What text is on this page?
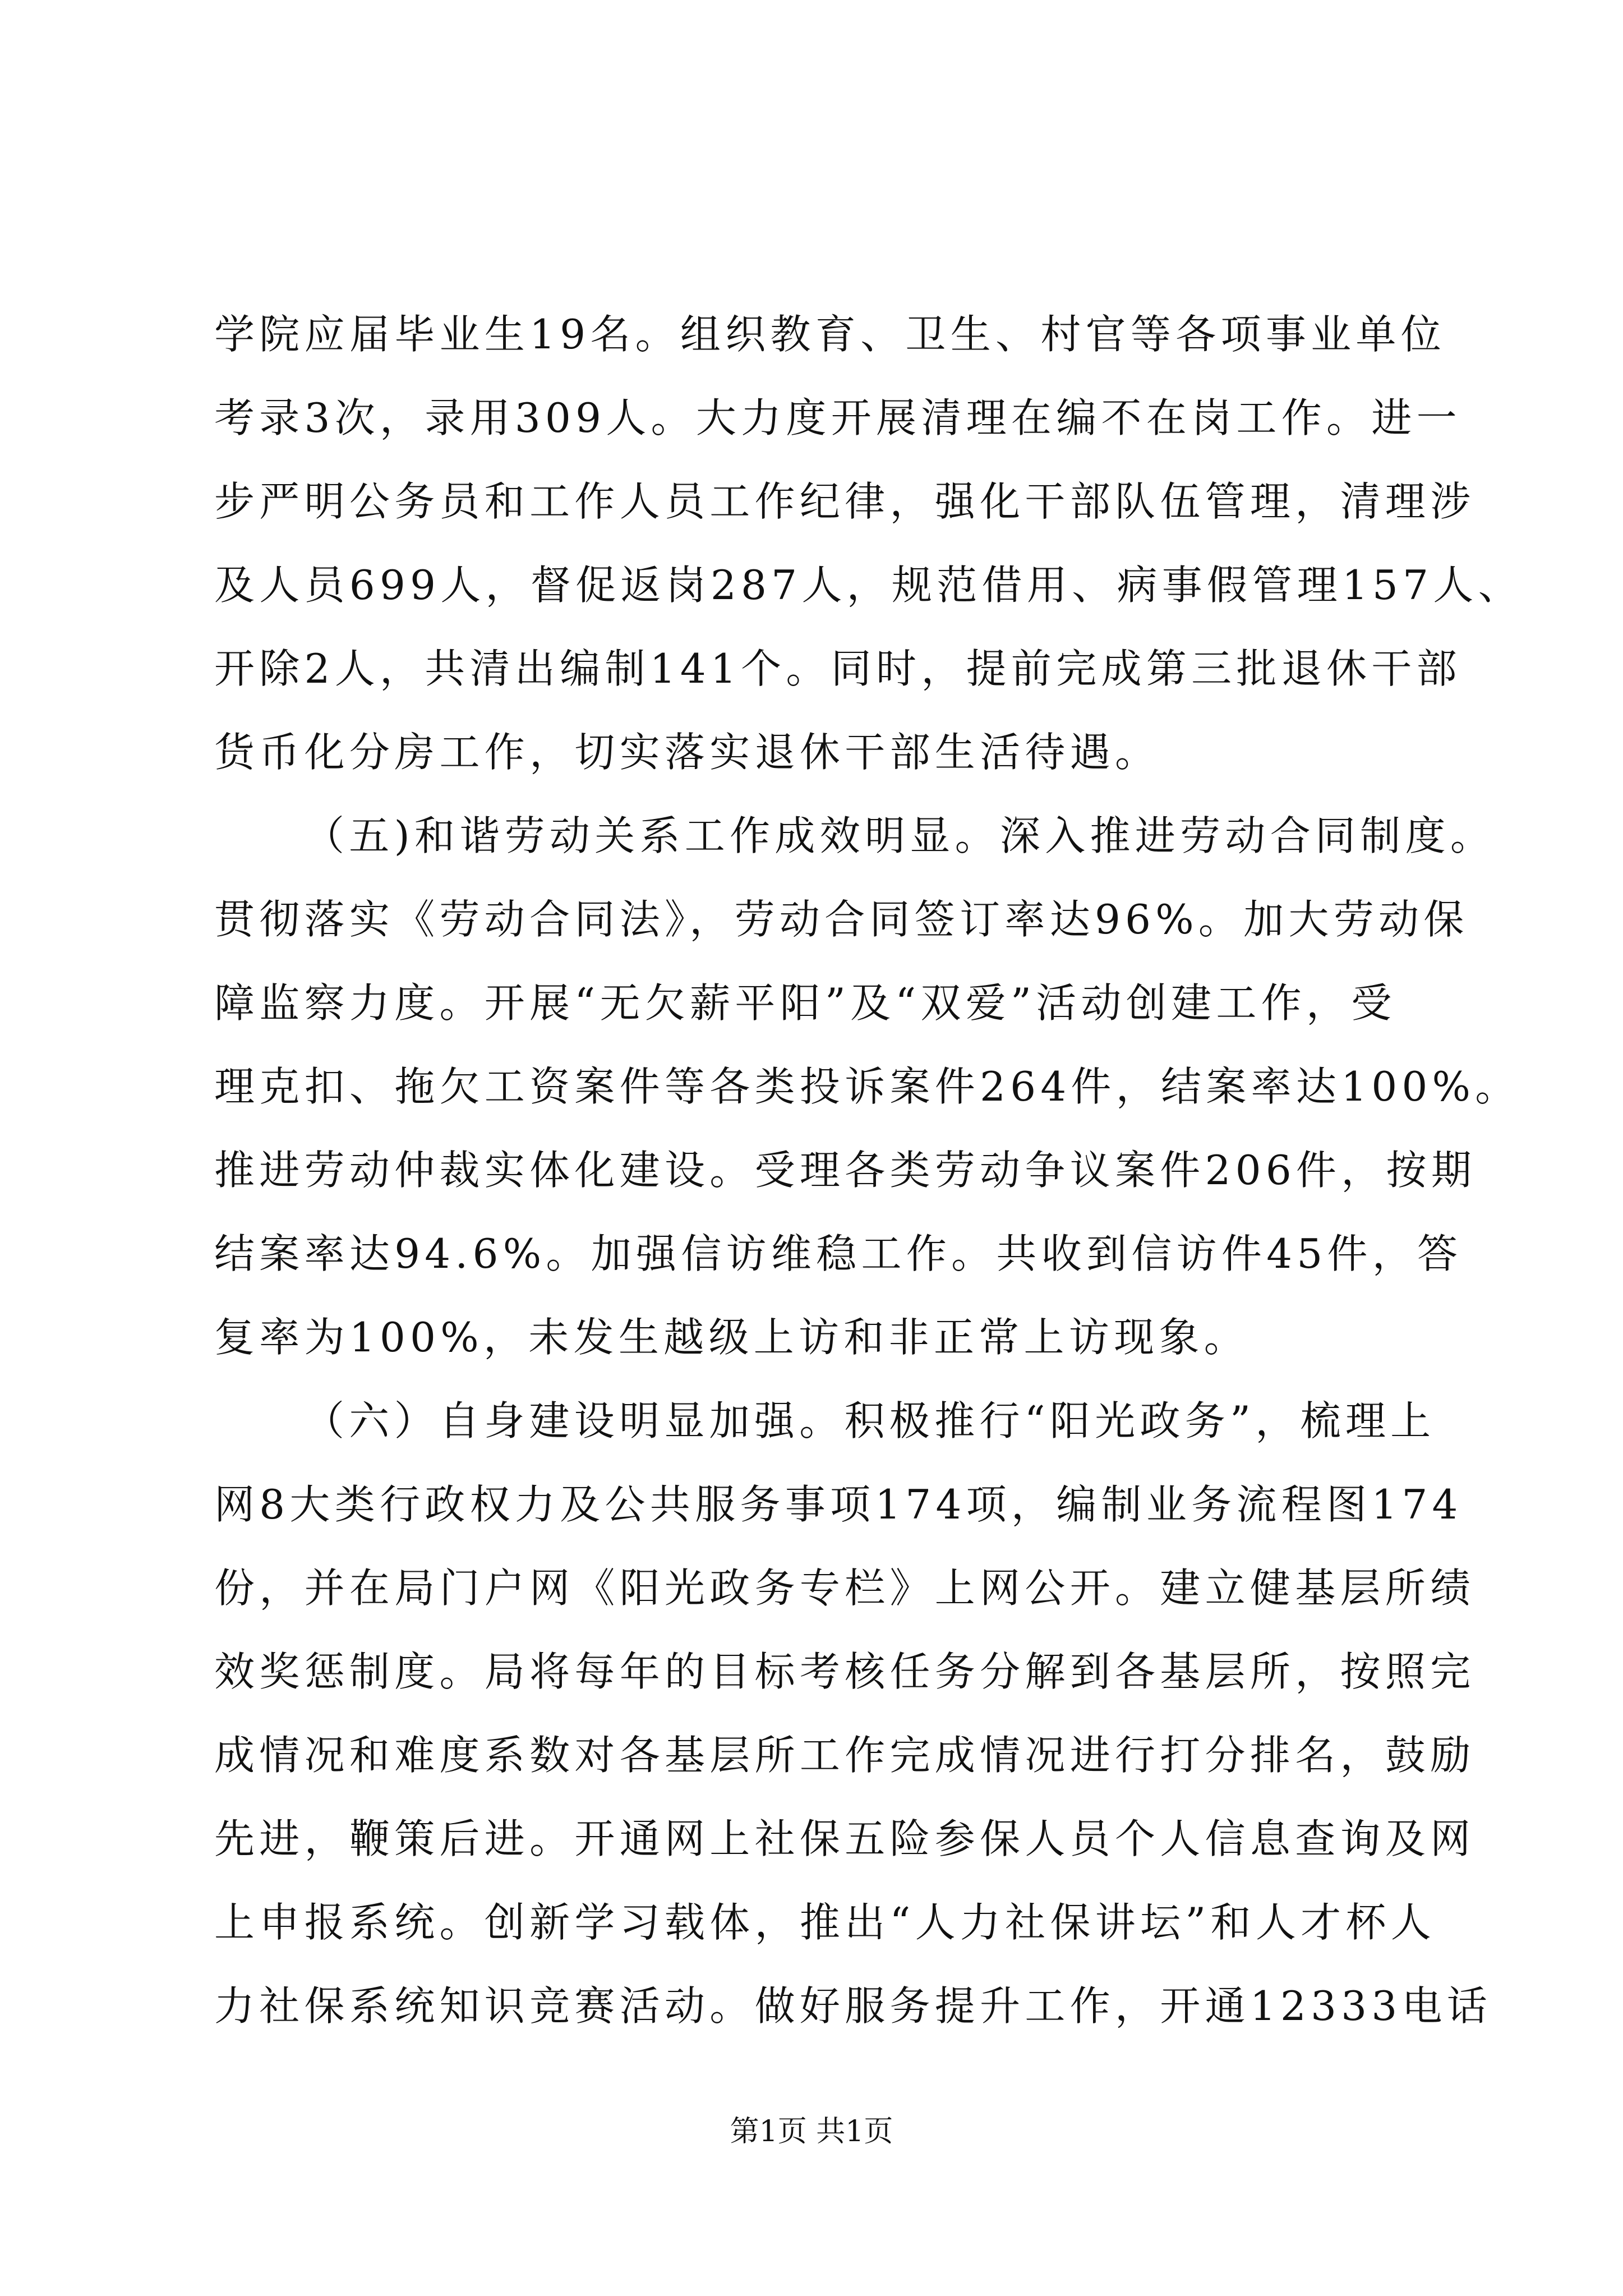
学院应届毕业生19名。组织教育、卫生、村官等各项事业单位
考录3次，录用309人。大力度开展清理在编不在岗工作。进一
步严明公务员和工作人员工作纪律，强化干部队伍管理，清理涉
及人员699人，督促返岗287人，规范借用、病事假管理157人、
开除2人，共清出编制141个。同时，提前完成第三批退休干部
货币化分房工作，切实落实退休干部生活待遇。
（五)和谐劳动关系工作成效明显。深入推进劳动合同制度。
贯彻落实《劳动合同法》，劳动合同签订率达96%。加大劳动保
障监察力度。开展“无欠薪平阳”及“双爱”活动创建工作，受
理克扣、拖欠工资案件等各类投诉案件264件，结案率达100%。
推进劳动仲裁实体化建设。受理各类劳动争议案件206件，按期
结案率达94.6%。加强信访维稳工作。共收到信访件45件，答
复率为100%，未发生越级上访和非正常上访现象。
（六）自身建设明显加强。积极推行“阳光政务”，梳理上
网8大类行政权力及公共服务事项174项，编制业务流程图174
份，并在局门户网《阳光政务专栏》上网公开。建立健基层所绩
效奖惩制度。局将每年的目标考核任务分解到各基层所，按照完
成情况和难度系数对各基层所工作完成情况进行打分排名，鼓励
先进，鞭策后进。开通网上社保五险参保人员个人信息查询及网
上申报系统。创新学习载体，推出“人力社保讲坛”和人才杯人
力社保系统知识竞赛活动。做好服务提升工作，开通12333电话
第1页 共1页
